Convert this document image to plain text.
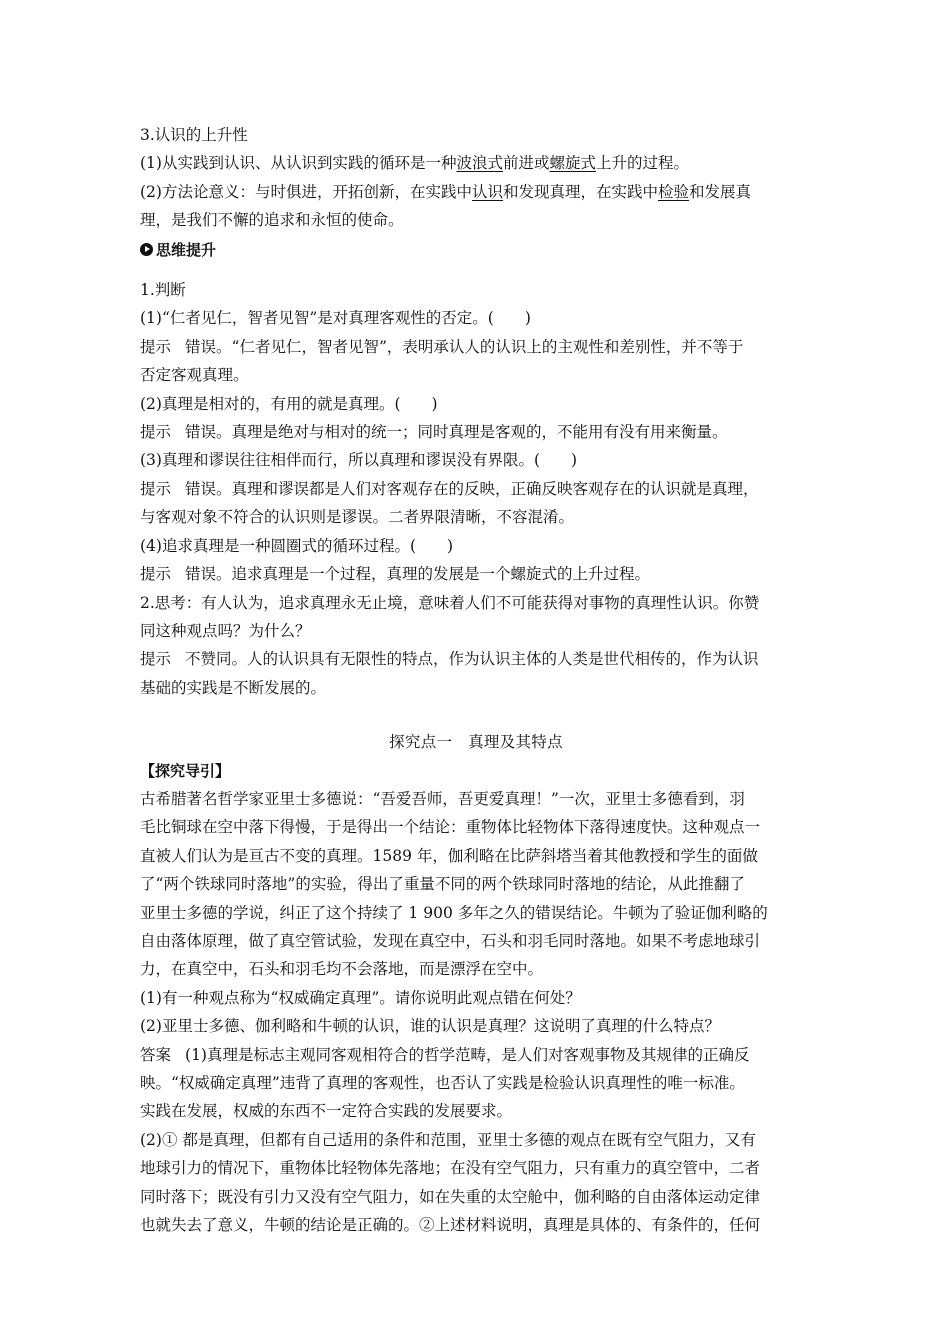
3.认识的上升性

(1)从实践到认识、从认识到实践的循环是一种波浪式前进或螺旋式上升的过程。

(2)方法论意义：与时俱进，开拓创新，在实践中认识和发现真理，在实践中检验和发展真

理，是我们不懈的追求和永恒的使命。

思维提升

1.判断

(1)“仁者见仁，智者见智”是对真理客观性的否定。(　　)

提示 错误。“仁者见仁，智者见智”，表明承认人的认识上的主观性和差别性，并不等于

否定客观真理。

(2)真理是相对的，有用的就是真理。(　　)

提示 错误。真理是绝对与相对的统一；同时真理是客观的，不能用有没有用来衡量。

(3)真理和谬误往往相伴而行，所以真理和谬误没有界限。(　　)

提示 错误。真理和谬误都是人们对客观存在的反映，正确反映客观存在的认识就是真理，

与客观对象不符合的认识则是谬误。二者界限清晰，不容混淆。

(4)追求真理是一种圆圈式的循环过程。(　　)

提示 错误。追求真理是一个过程，真理的发展是一个螺旋式的上升过程。

2.思考：有人认为，追求真理永无止境，意味着人们不可能获得对事物的真理性认识。你赞

同这种观点吗？为什么？

提示 不赞同。人的认识具有无限性的特点，作为认识主体的人类是世代相传的，作为认识

基础的实践是不断发展的。

探究点一　真理及其特点

【探究导引】

古希腊著名哲学家亚里士多德说：“吾爱吾师，吾更爱真理！”一次，亚里士多德看到，羽

毛比铜球在空中落下得慢，于是得出一个结论：重物体比轻物体下落得速度快。这种观点一

直被人们认为是亘古不变的真理。1589 年，伽利略在比萨斜塔当着其他教授和学生的面做

了“两个铁球同时落地”的实验，得出了重量不同的两个铁球同时落地的结论，从此推翻了

亚里士多德的学说，纠正了这个持续了 1 900 多年之久的错误结论。牛顿为了验证伽利略的

自由落体原理，做了真空管试验，发现在真空中，石头和羽毛同时落地。如果不考虑地球引

力，在真空中，石头和羽毛均不会落地，而是漂浮在空中。

(1)有一种观点称为“权威确定真理”。请你说明此观点错在何处？

(2)亚里士多德、伽利略和牛顿的认识，谁的认识是真理？这说明了真理的什么特点？

答案 (1)真理是标志主观同客观相符合的哲学范畴，是人们对客观事物及其规律的正确反

映。“权威确定真理”违背了真理的客观性，也否认了实践是检验认识真理性的唯一标准。

实践在发展，权威的东西不一定符合实践的发展要求。

(2)① 都是真理，但都有自己适用的条件和范围，亚里士多德的观点在既有空气阻力，又有

地球引力的情况下，重物体比轻物体先落地；在没有空气阻力，只有重力的真空管中，二者

同时落下；既没有引力又没有空气阻力，如在失重的太空舱中，伽利略的自由落体运动定律

也就失去了意义，牛顿的结论是正确的。②上述材料说明，真理是具体的、有条件的，任何
